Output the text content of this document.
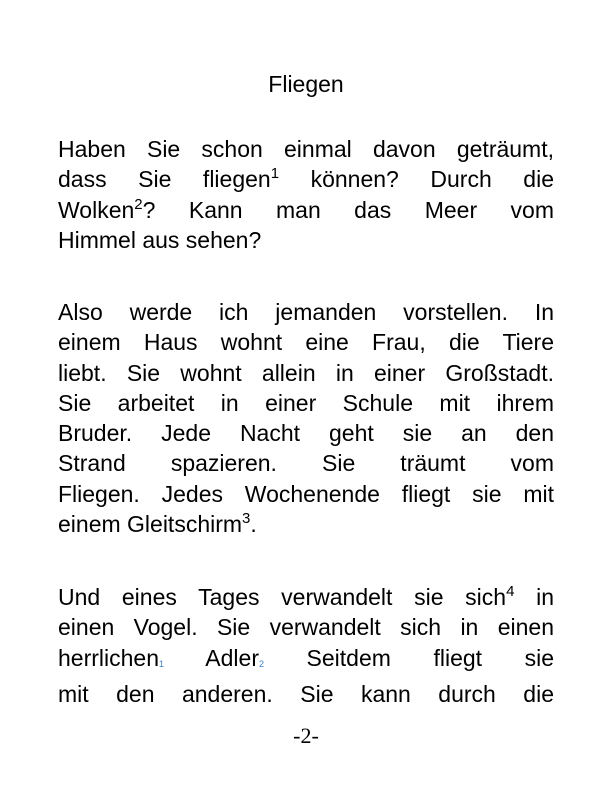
Fliegen
Haben Sie schon einmal davon geträumt,
dass Sie fliegen$^1$ können? Durch die
Wolken$^2$? Kann man das Meer vom
Himmel aus sehen?
Also werde ich jemanden vorstellen. In
einem Haus wohnt eine Frau, die Tiere
liebt. Sie wohnt allein in einer Großstadt.
Sie arbeitet in einer Schule mit ihrem
Bruder. Jede Nacht geht sie an den
Strand spazieren. Sie träumt vom
Fliegen. Jedes Wochenende fliegt sie mit
einem Gleitschirm$^3$.
Und eines Tages verwandelt sie sich$^4$ in
einen Vogel. Sie verwandelt sich in einen
herrlichen1 Adler2 Seitdem fliegt sie
mit den anderen. Sie kann durch die
-2-
